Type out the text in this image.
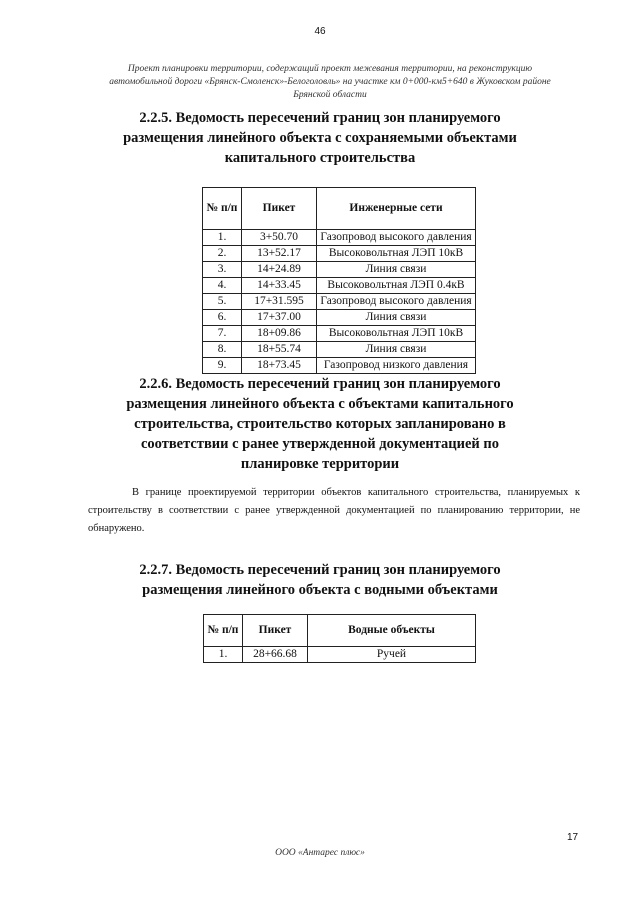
46
Проект планировки территории, содержащий проект межевания территории, на реконструкцию
автомобильной дороги «Брянск-Смоленск»-Белоголовль» на участке км 0+000-км5+640 в Жуковском районе
Брянской области
2.2.5. Ведомость пересечений границ зон планируемого
размещения линейного объекта с сохраняемыми объектами
капитального строительства
№ п/п	Пикет	Инженерные сети
1.	3+50.70	Газопровод высокого давления
2.	13+52.17	Высоковольтная ЛЭП 10кВ
3.	14+24.89	Линия связи
4.	14+33.45	Высоковольтная ЛЭП 0.4кВ
5.	17+31.595	Газопровод высокого давления
6.	17+37.00	Линия связи
7.	18+09.86	Высоковольтная ЛЭП 10кВ
8.	18+55.74	Линия связи
9.	18+73.45	Газопровод низкого давления
2.2.6. Ведомость пересечений границ зон планируемого
размещения линейного объекта с объектами капитального
строительства, строительство которых запланировано в
соответствии с ранее утвержденной документацией по
планировке территории
В границе проектируемой территории объектов капитального строительства, планируемых к строительству в соответствии с ранее утвержденной документацией по планированию территории, не обнаружено.
2.2.7. Ведомость пересечений границ зон планируемого
размещения линейного объекта с водными объектами
№ п/п	Пикет	Водные объекты
1.	28+66.68	Ручей
17
ООО «Антарес плюс»
